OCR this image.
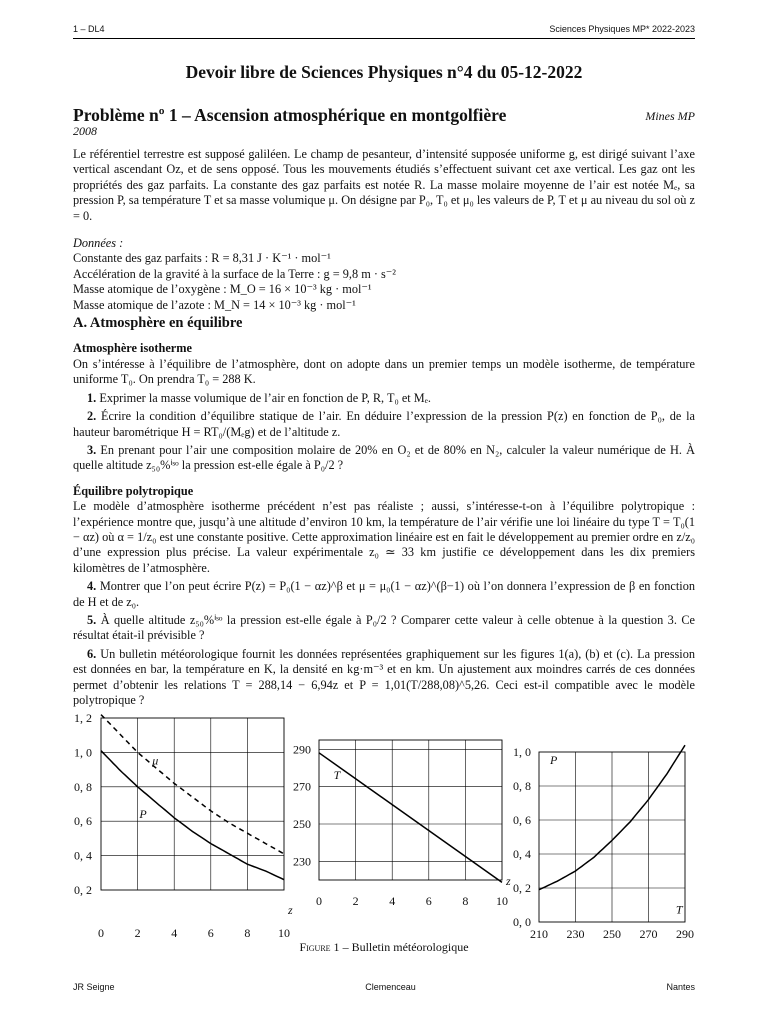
1 – DL4	Sciences Physiques MP* 2022-2023
Devoir libre de Sciences Physiques n°4 du 05-12-2022
Problème nº 1 – Ascension atmosphérique en montgolfière	Mines MP
2008

Le référentiel terrestre est supposé galiléen. Le champ de pesanteur, d’intensité supposée uniforme g, est dirigé suivant l’axe vertical ascendant Oz, et de sens opposé. Tous les mouvements étudiés s’effectuent suivant cet axe vertical. Les gaz ont les propriétés des gaz parfaits. La constante des gaz parfaits est notée R. La masse molaire moyenne de l’air est notée Mₑ, sa pression P, sa température T et sa masse volumique μ. On désigne par P₀, T₀ et μ₀ les valeurs de P, T et μ au niveau du sol où z = 0.

Données :
Constante des gaz parfaits : R = 8,31 J · K⁻¹ · mol⁻¹
Accélération de la gravité à la surface de la Terre : g = 9,8 m · s⁻²
Masse atomique de l’oxygène : M_O = 16 × 10⁻³ kg · mol⁻¹
Masse atomique de l’azote : M_N = 14 × 10⁻³ kg · mol⁻¹
A. Atmosphère en équilibre
Atmosphère isotherme

On s’intéresse à l’équilibre de l’atmosphère, dont on adopte dans un premier temps un modèle isotherme, de température uniforme T₀. On prendra T₀ = 288 K.

1. Exprimer la masse volumique de l’air en fonction de P, R, T₀ et Mₑ.

2. Écrire la condition d’équilibre statique de l’air. En déduire l’expression de la pression P(z) en fonction de P₀, de la hauteur barométrique H = RT₀/(Mₑg) et de l’altitude z.

3. En prenant pour l’air une composition molaire de 20% en O₂ et de 80% en N₂, calculer la valeur numérique de H. À quelle altitude z₅₀%ⁱˢᵒ la pression est-elle égale à P₀/2 ?

Équilibre polytropique

Le modèle d’atmosphère isotherme précédent n’est pas réaliste ; aussi, s’intéresse-t-on à l’équilibre polytropique : l’expérience montre que, jusqu’à une altitude d’environ 10 km, la température de l’air vérifie une loi linéaire du type T = T₀(1 − αz) où α = 1/z₀ est une constante positive. Cette approximation linéaire est en fait le développement au premier ordre en z/z₀ d’une expression plus précise. La valeur expérimentale z₀ ≃ 33 km justifie ce développement dans les dix premiers kilomètres de l’atmosphère.

4. Montrer que l’on peut écrire P(z) = P₀(1 − αz)^β et μ = μ₀(1 − αz)^(β−1) où l’on donnera l’expression de β en fonction de H et de z₀.

5. À quelle altitude z₅₀%ⁱˢᵒ la pression est-elle égale à P₀/2 ? Comparer cette valeur à celle obtenue à la question 3. Ce résultat était-il prévisible ?

6. Un bulletin météorologique fournit les données représentées graphiquement sur les figures 1(a), (b) et (c). La pression est données en bar, la température en K, la densité en kg·m⁻³ et en km. Un ajustement aux moindres carrés de ces données permet d’obtenir les relations T = 288,14 − 6,94z et P = 1,01(T/288,08)^5,26. Ceci est-il compatible avec le modèle polytropique ?

1, 2
1, 0
0, 8
0, 6
0, 4
0, 2
0	2	4	6	8 10
z
μ
P
290
270
250
230
0	2	4	6	8 10
z
T
1, 0
0, 8
0, 6
0, 4
0, 2
0, 0
210 230 250 270 290
T
P
Figure 1 – Bulletin météorologique
JR Seigne	Clemenceau	Nantes
